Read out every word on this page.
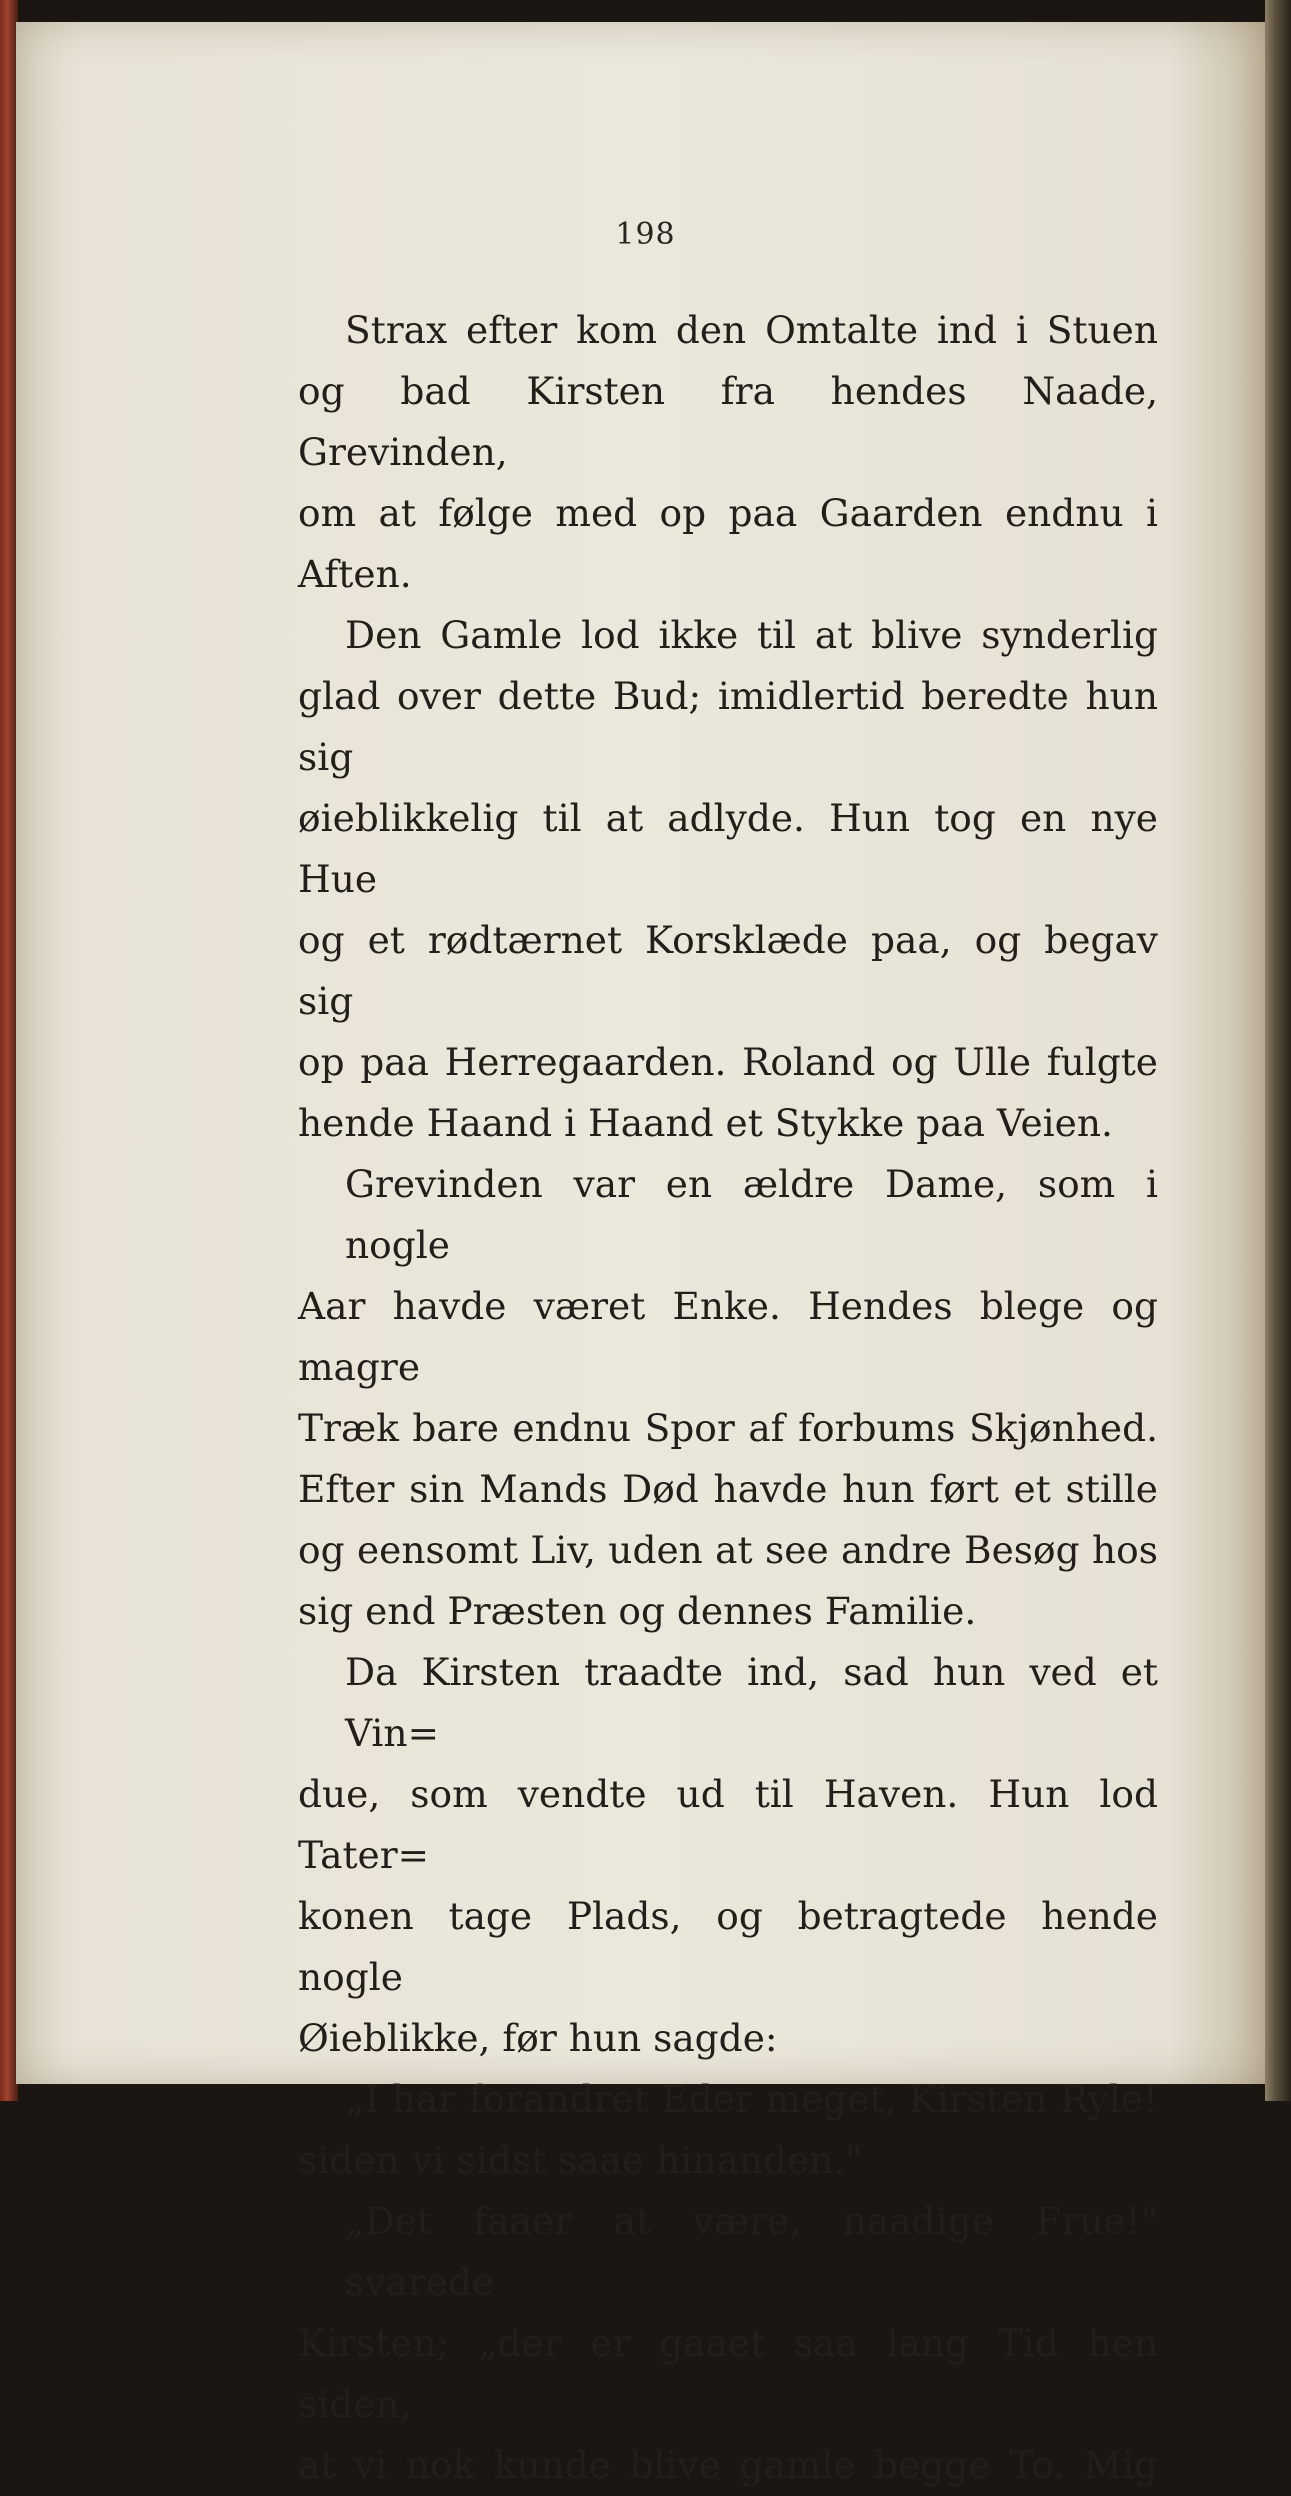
198

Strax efter kom den Omtalte ind i Stuen
og bad Kirsten fra hendes Naade, Grevinden,
om at følge med op paa Gaarden endnu i
Aften.

Den Gamle lod ikke til at blive synderlig
glad over dette Bud; imidlertid beredte hun sig
øieblikkelig til at adlyde. Hun tog en nye Hue
og et rødtærnet Korsklæde paa, og begav sig
op paa Herregaarden. Roland og Ulle fulgte
hende Haand i Haand et Stykke paa Veien.

Grevinden var en ældre Dame, som i nogle
Aar havde været Enke. Hendes blege og magre
Træk bare endnu Spor af forbums Skjønhed.
Efter sin Mands Død havde hun ført et stille
og eensomt Liv, uden at see andre Besøg hos
sig end Præsten og dennes Familie.

Da Kirsten traadte ind, sad hun ved et Vin=
due, som vendte ud til Haven. Hun lod Tater=
konen tage Plads, og betragtede hende nogle
Øieblikke, før hun sagde:

„I har forandret Eder meget, Kirsten Ryle!
siden vi sidst saae hinanden."

„Det faaer at være, naadige Frue!" svarede
Kirsten; „der er gaaet saa lang Tid hen siden,
at vi nok kunde blive gamle begge To. Mig
